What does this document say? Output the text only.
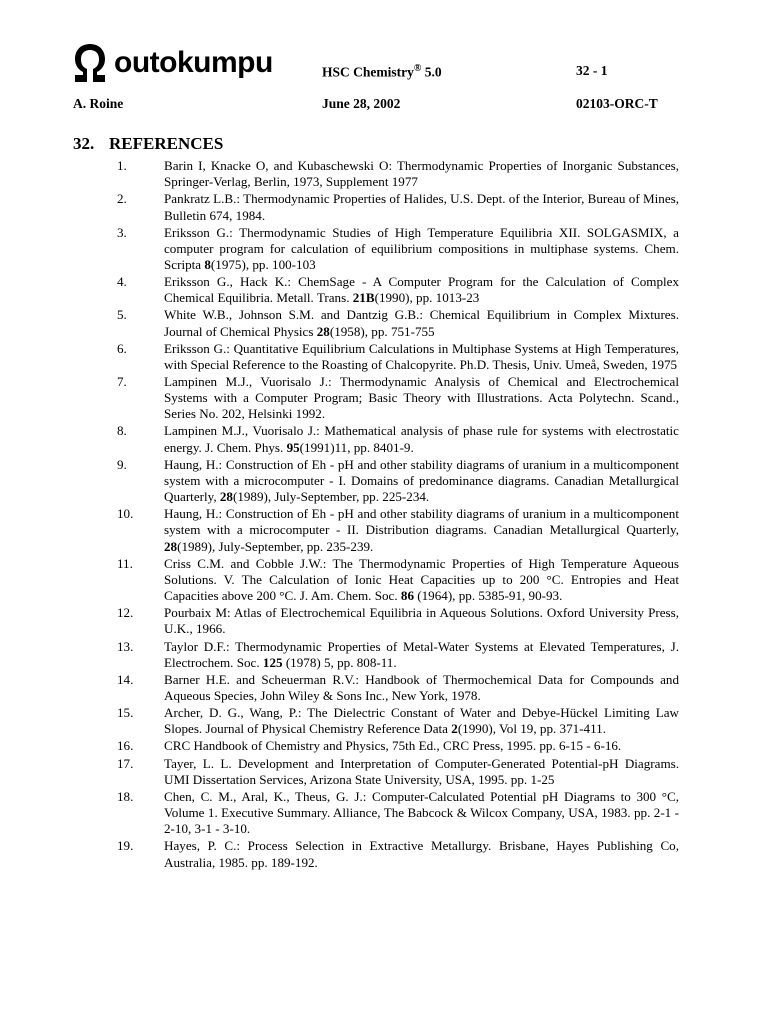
outokumpu	HSC Chemistry® 5.0	32 - 1
A. Roine	June 28, 2002	02103-ORC-T
32. REFERENCES
1.	Barin I, Knacke O, and Kubaschewski O: Thermodynamic Properties of Inorganic Substances, Springer-Verlag, Berlin, 1973, Supplement 1977
2.	Pankratz L.B.: Thermodynamic Properties of Halides, U.S. Dept. of the Interior, Bureau of Mines, Bulletin 674, 1984.
3.	Eriksson G.: Thermodynamic Studies of High Temperature Equilibria XII. SOLGASMIX, a computer program for calculation of equilibrium compositions in multiphase systems. Chem. Scripta 8(1975), pp. 100-103
4.	Eriksson G., Hack K.: ChemSage - A Computer Program for the Calculation of Complex Chemical Equilibria. Metall. Trans. 21B(1990), pp. 1013-23
5.	White W.B., Johnson S.M. and Dantzig G.B.: Chemical Equilibrium in Complex Mixtures. Journal of Chemical Physics 28(1958), pp. 751-755
6.	Eriksson G.: Quantitative Equilibrium Calculations in Multiphase Systems at High Temperatures, with Special Reference to the Roasting of Chalcopyrite. Ph.D. Thesis, Univ. Umeå, Sweden, 1975
7.	Lampinen M.J., Vuorisalo J.: Thermodynamic Analysis of Chemical and Electrochemical Systems with a Computer Program; Basic Theory with Illustrations. Acta Polytechn. Scand., Series No. 202, Helsinki 1992.
8.	Lampinen M.J., Vuorisalo J.: Mathematical analysis of phase rule for systems with electrostatic energy. J. Chem. Phys. 95(1991)11, pp. 8401-9.
9.	Haung, H.: Construction of Eh - pH and other stability diagrams of uranium in a multicomponent system with a microcomputer - I. Domains of predominance diagrams. Canadian Metallurgical Quarterly, 28(1989), July-September, pp. 225-234.
10.	Haung, H.: Construction of Eh - pH and other stability diagrams of uranium in a multicomponent system with a microcomputer - II. Distribution diagrams. Canadian Metallurgical Quarterly, 28(1989), July-September, pp. 235-239.
11.	Criss C.M. and Cobble J.W.: The Thermodynamic Properties of High Temperature Aqueous Solutions. V. The Calculation of Ionic Heat Capacities up to 200 °C. Entropies and Heat Capacities above 200 °C. J. Am. Chem. Soc. 86 (1964), pp. 5385-91, 90-93.
12.	Pourbaix M: Atlas of Electrochemical Equilibria in Aqueous Solutions. Oxford University Press, U.K., 1966.
13.	Taylor D.F.: Thermodynamic Properties of Metal-Water Systems at Elevated Temperatures, J. Electrochem. Soc. 125 (1978) 5, pp. 808-11.
14.	Barner H.E. and Scheuerman R.V.: Handbook of Thermochemical Data for Compounds and Aqueous Species, John Wiley & Sons Inc., New York, 1978.
15.	Archer, D. G., Wang, P.: The Dielectric Constant of Water and Debye-Hückel Limiting Law Slopes. Journal of Physical Chemistry Reference Data 2(1990), Vol 19, pp. 371-411.
16.	CRC Handbook of Chemistry and Physics, 75th Ed., CRC Press, 1995. pp. 6-15 - 6-16.
17.	Tayer, L. L. Development and Interpretation of Computer-Generated Potential-pH Diagrams. UMI Dissertation Services, Arizona State University, USA, 1995. pp. 1-25
18.	Chen, C. M., Aral, K., Theus, G. J.: Computer-Calculated Potential pH Diagrams to 300 °C, Volume 1. Executive Summary. Alliance, The Babcock & Wilcox Company, USA, 1983. pp. 2-1 - 2-10, 3-1 - 3-10.
19.	Hayes, P. C.: Process Selection in Extractive Metallurgy. Brisbane, Hayes Publishing Co, Australia, 1985. pp. 189-192.
